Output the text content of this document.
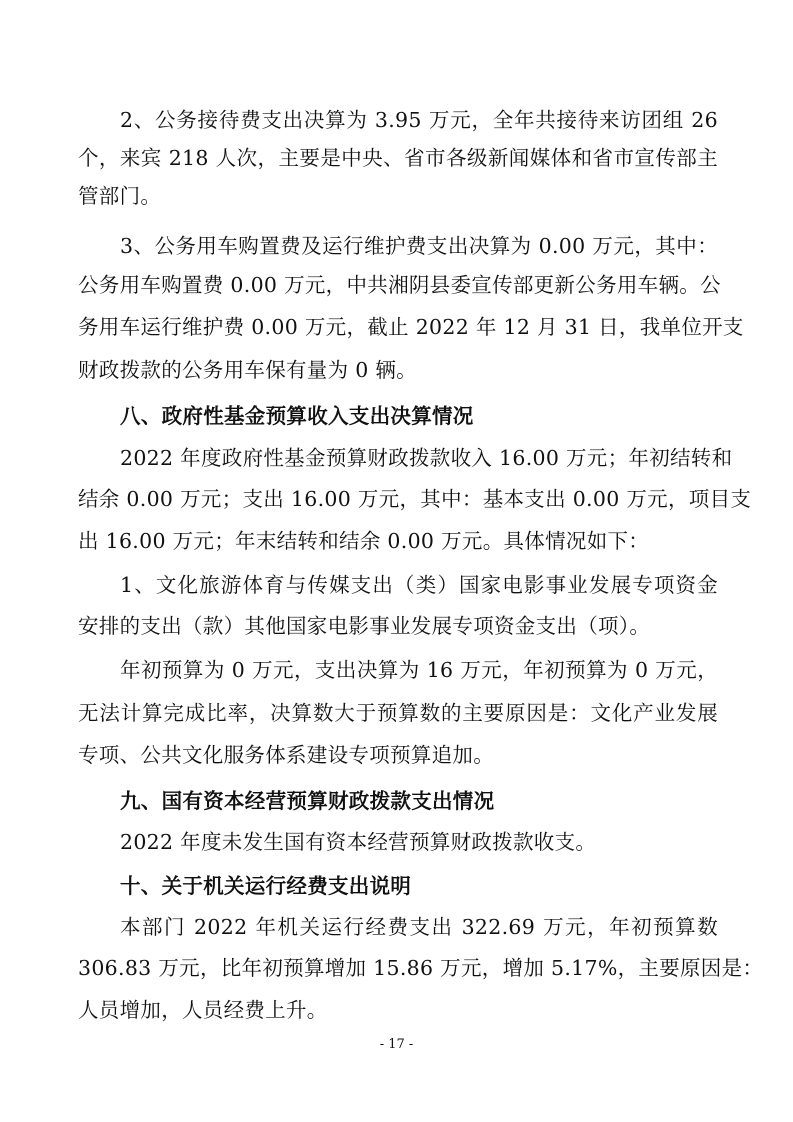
2、公务接待费支出决算为 3.95 万元，全年共接待来访团组 26
个，来宾 218 人次，主要是中央、省市各级新闻媒体和省市宣传部主
管部门。
3、公务用车购置费及运行维护费支出决算为 0.00 万元，其中：
公务用车购置费 0.00 万元，中共湘阴县委宣传部更新公务用车辆。公
务用车运行维护费 0.00 万元，截止 2022 年 12 月 31 日，我单位开支
财政拨款的公务用车保有量为 0 辆。
八、政府性基金预算收入支出决算情况
2022 年度政府性基金预算财政拨款收入 16.00 万元；年初结转和
结余 0.00 万元；支出 16.00 万元，其中：基本支出 0.00 万元，项目支
出 16.00 万元；年末结转和结余 0.00 万元。具体情况如下：
1、文化旅游体育与传媒支出（类）国家电影事业发展专项资金
安排的支出（款）其他国家电影事业发展专项资金支出（项）。
年初预算为 0 万元，支出决算为 16 万元，年初预算为 0 万元，
无法计算完成比率，决算数大于预算数的主要原因是：文化产业发展
专项、公共文化服务体系建设专项预算追加。
九、国有资本经营预算财政拨款支出情况
2022 年度未发生国有资本经营预算财政拨款收支。
十、关于机关运行经费支出说明
本部门 2022 年机关运行经费支出 322.69 万元，年初预算数
306.83 万元，比年初预算增加 15.86 万元，增加 5.17%，主要原因是：
人员增加，人员经费上升。
- 17 -
